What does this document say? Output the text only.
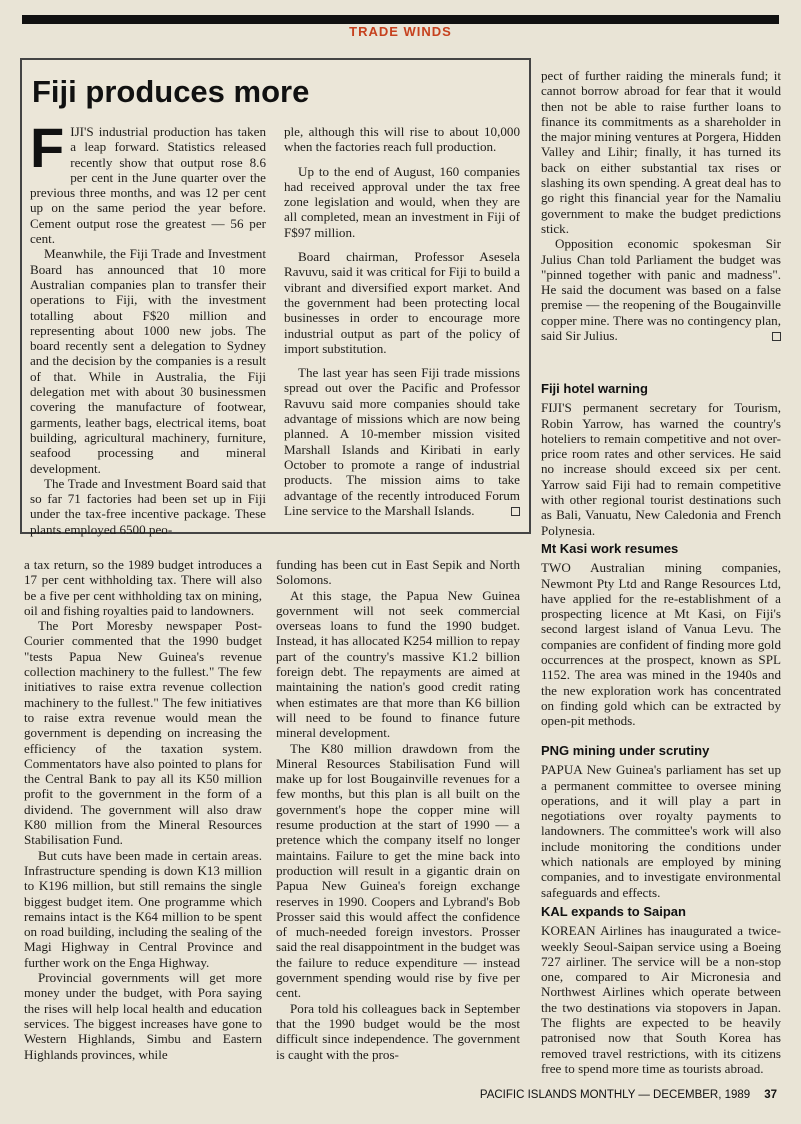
TRADE WINDS
Fiji produces more

FIJI'S industrial production has taken a leap forward. Statistics released recently show that output rose 8.6 per cent in the June quarter over the previous three months, and was 12 per cent up on the same period the year before. Cement output rose the greatest — 56 per cent.

Meanwhile, the Fiji Trade and Investment Board has announced that 10 more Australian companies plan to transfer their operations to Fiji, with the investment totalling about F$20 million and representing about 1000 new jobs. The board recently sent a delegation to Sydney and the decision by the companies is a result of that. While in Australia, the Fiji delegation met with about 30 businessmen covering the manufacture of footwear, garments, leather bags, electrical items, boat building, agricultural machinery, furniture, seafood processing and mineral development.

The Trade and Investment Board said that so far 71 factories had been set up in Fiji under the tax-free incentive package. These plants employed 6500 peo-

ple, although this will rise to about 10,000 when the factories reach full production.

Up to the end of August, 160 companies had received approval under the tax free zone legislation and would, when they are all completed, mean an investment in Fiji of F$97 million.

Board chairman, Professor Asesela Ravuvu, said it was critical for Fiji to build a vibrant and diversified export market. And the government had been protecting local businesses in order to encourage more industrial output as part of the policy of import substitution.

The last year has seen Fiji trade missions spread out over the Pacific and Professor Ravuvu said more companies should take advantage of missions which are now being planned. A 10-member mission visited Marshall Islands and Kiribati in early October to promote a range of industrial products. The mission aims to take advantage of the recently introduced Forum Line service to the Marshall Islands.

a tax return, so the 1989 budget introduces a 17 per cent withholding tax. There will also be a five per cent withholding tax on mining, oil and fishing royalties paid to landowners.

The Port Moresby newspaper Post-Courier commented that the 1990 budget "tests Papua New Guinea's revenue collection machinery to the fullest." The few initiatives to raise extra revenue collection machinery to the fullest." The few initiatives to raise extra revenue would mean the government is depending on increasing the efficiency of the taxation system. Commentators have also pointed to plans for the Central Bank to pay all its K50 million profit to the government in the form of a dividend. The government will also draw K80 million from the Mineral Resources Stabilisation Fund.

But cuts have been made in certain areas. Infrastructure spending is down K13 million to K196 million, but still remains the single biggest budget item. One programme which remains intact is the K64 million to be spent on road building, including the sealing of the Magi Highway in Central Province and further work on the Enga Highway.

Provincial governments will get more money under the budget, with Pora saying the rises will help local health and education services. The biggest increases have gone to Western Highlands, Simbu and Eastern Highlands provinces, while

funding has been cut in East Sepik and North Solomons.

At this stage, the Papua New Guinea government will not seek commercial overseas loans to fund the 1990 budget. Instead, it has allocated K254 million to repay part of the country's massive K1.2 billion foreign debt. The repayments are aimed at maintaining the nation's good credit rating when estimates are that more than K6 billion will need to be found to finance future mineral development.

The K80 million drawdown from the Mineral Resources Stabilisation Fund will make up for lost Bougainville revenues for a few months, but this plan is all built on the government's hope the copper mine will resume production at the start of 1990 — a pretence which the company itself no longer maintains. Failure to get the mine back into production will result in a gigantic drain on Papua New Guinea's foreign exchange reserves in 1990. Coopers and Lybrand's Bob Prosser said this would affect the confidence of much-needed foreign investors. Prosser said the real disappointment in the budget was the failure to reduce expenditure — instead government spending would rise by five per cent.

Pora told his colleagues back in September that the 1990 budget would be the most difficult since independence. The government is caught with the pros-

pect of further raiding the minerals fund; it cannot borrow abroad for fear that it would then not be able to raise further loans to finance its commitments as a shareholder in the major mining ventures at Porgera, Hidden Valley and Lihir; finally, it has turned its back on either substantial tax rises or slashing its own spending. A great deal has to go right this financial year for the Namaliu government to make the budget predictions stick.

Opposition economic spokesman Sir Julius Chan told Parliament the budget was "pinned together with panic and madness". He said the document was based on a false premise — the reopening of the Bougainville copper mine. There was no contingency plan, said Sir Julius.

Fiji hotel warning

FIJI'S permanent secretary for Tourism, Robin Yarrow, has warned the country's hoteliers to remain competitive and not over-price room rates and other services. He said no increase should exceed six per cent. Yarrow said Fiji had to remain competitive with other regional tourist destinations such as Bali, Vanuatu, New Caledonia and French Polynesia.

Mt Kasi work resumes

TWO Australian mining companies, Newmont Pty Ltd and Range Resources Ltd, have applied for the re-establishment of a prospecting licence at Mt Kasi, on Fiji's second largest island of Vanua Levu. The companies are confident of finding more gold occurrences at the prospect, known as SPL 1152. The area was mined in the 1940s and the new exploration work has concentrated on finding gold which can be extracted by open-pit methods.

PNG mining under scrutiny

PAPUA New Guinea's parliament has set up a permanent committee to oversee mining operations, and it will play a part in negotiations over royalty payments to landowners. The committee's work will also include monitoring the conditions under which nationals are employed by mining companies, and to investigate environmental safeguards and effects.

KAL expands to Saipan

KOREAN Airlines has inaugurated a twice-weekly Seoul-Saipan service using a Boeing 727 airliner. The service will be a non-stop one, compared to Air Micronesia and Northwest Airlines which operate between the two destinations via stopovers in Japan. The flights are expected to be heavily patronised now that South Korea has removed travel restrictions, with its citizens free to spend more time as tourists abroad.

PACIFIC ISLANDS MONTHLY — DECEMBER, 1989 37
